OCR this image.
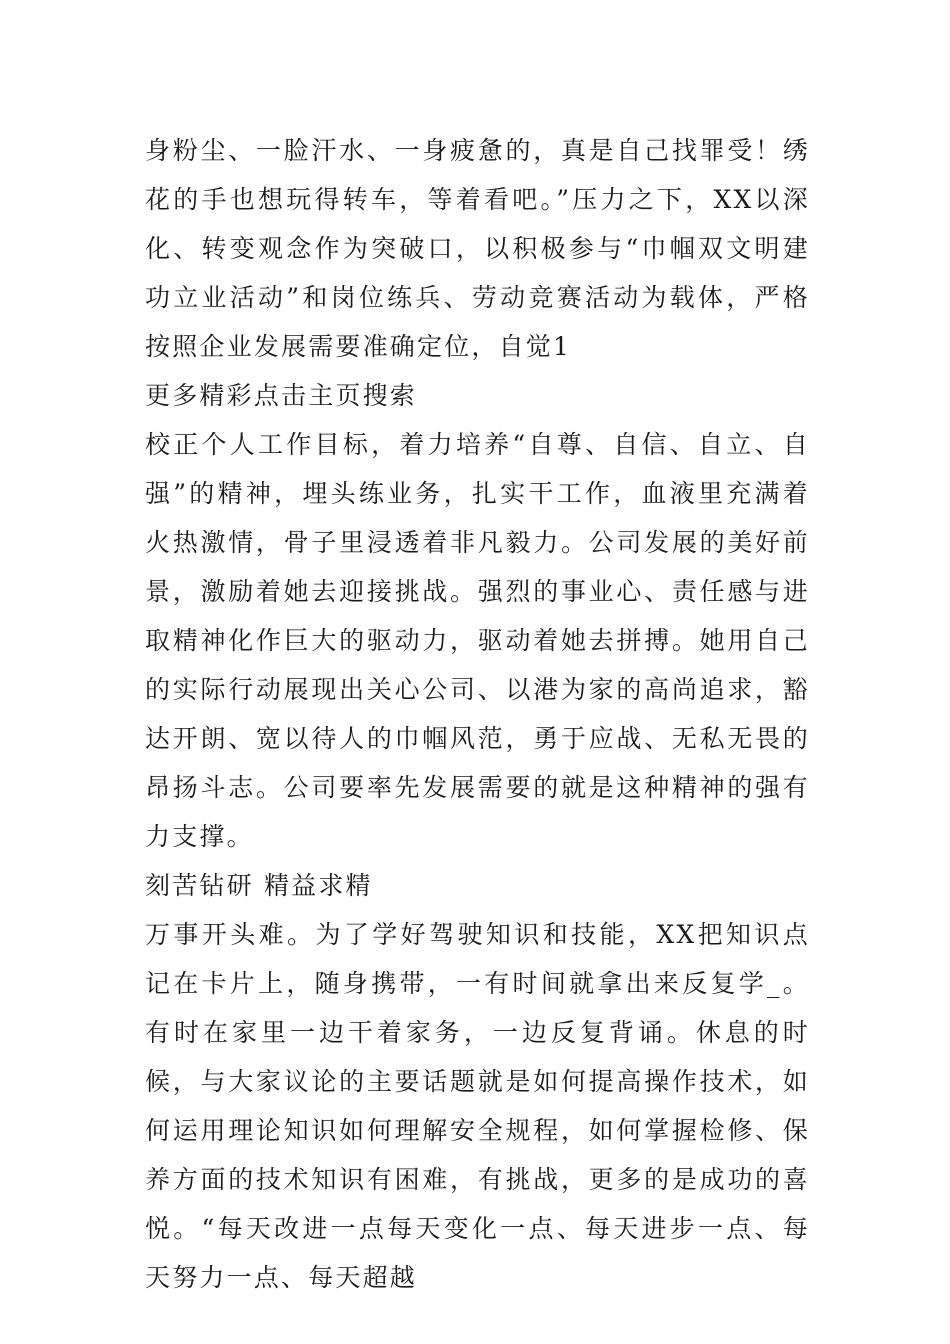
身粉尘、一脸汗水、一身疲惫的，真是自己找罪受！绣花的手也想玩得转车，等着看吧。”压力之下，XX以深化、转变观念作为突破口，以积极参与“巾帼双文明建功立业活动”和岗位练兵、劳动竞赛活动为载体，严格按照企业发展需要准确定位，自觉1

更多精彩点击主页搜索

校正个人工作目标，着力培养“自尊、自信、自立、自强”的精神，埋头练业务，扎实干工作，血液里充满着火热激情，骨子里浸透着非凡毅力。公司发展的美好前景，激励着她去迎接挑战。强烈的事业心、责任感与进取精神化作巨大的驱动力，驱动着她去拼搏。她用自己的实际行动展现出关心公司、以港为家的高尚追求，豁达开朗、宽以待人的巾帼风范，勇于应战、无私无畏的昂扬斗志。公司要率先发展需要的就是这种精神的强有力支撑。

刻苦钻研 精益求精

万事开头难。为了学好驾驶知识和技能，XX把知识点记在卡片上，随身携带，一有时间就拿出来反复学_。有时在家里一边干着家务，一边反复背诵。休息的时候，与大家议论的主要话题就是如何提高操作技术，如何运用理论知识如何理解安全规程，如何掌握检修、保养方面的技术知识有困难，有挑战，更多的是成功的喜悦。“每天改进一点每天变化一点、每天进步一点、每天努力一点、每天超越
